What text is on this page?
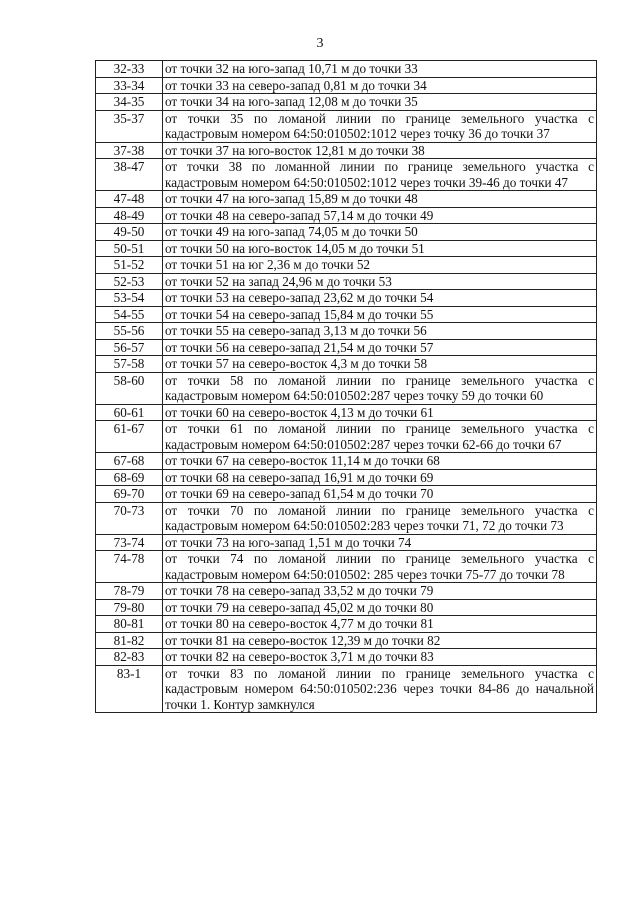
3
32-33	от точки 32 на юго-запад 10,71 м до точки 33
33-34	от точки 33 на северо-запад 0,81 м до точки 34
34-35	от точки 34 на юго-запад 12,08 м до точки 35
35-37	от точки 35 по ломаной линии по границе земельного участка с кадастровым номером 64:50:010502:1012 через точку 36 до точки 37
37-38	от точки 37 на юго-восток 12,81 м до точки 38
38-47	от точки 38 по ломанной линии по границе земельного участка с кадастровым номером 64:50:010502:1012 через точки 39-46 до точки 47
47-48	от точки 47 на юго-запад 15,89 м до точки 48
48-49	от точки 48 на северо-запад 57,14 м до точки 49
49-50	от точки 49 на юго-запад 74,05 м до точки 50
50-51	от точки 50 на юго-восток 14,05 м до точки 51
51-52	от точки 51 на юг 2,36 м до точки 52
52-53	от точки 52 на запад 24,96 м до точки 53
53-54	от точки 53 на северо-запад 23,62 м до точки 54
54-55	от точки 54 на северо-запад 15,84 м до точки 55
55-56	от точки 55 на северо-запад 3,13 м до точки 56
56-57	от точки 56 на северо-запад 21,54 м до точки 57
57-58	от точки 57 на северо-восток 4,3 м до точки 58
58-60	от точки 58 по ломаной линии по границе земельного участка с кадастровым номером 64:50:010502:287 через точку 59 до точки 60
60-61	от точки 60 на северо-восток 4,13 м до точки 61
61-67	от точки 61 по ломаной линии по границе земельного участка с кадастровым номером 64:50:010502:287 через точки 62-66 до точки 67
67-68	от точки 67 на северо-восток 11,14 м до точки 68
68-69	от точки 68 на северо-запад 16,91 м до точки 69
69-70	от точки 69 на северо-запад 61,54 м до точки 70
70-73	от точки 70 по ломаной линии по границе земельного участка с кадастровым номером 64:50:010502:283 через точки 71, 72 до точки 73
73-74	от точки 73 на юго-запад 1,51 м до точки 74
74-78	от точки 74 по ломаной линии по границе земельного участка с кадастровым номером 64:50:010502: 285 через точки 75-77 до точки 78
78-79	от точки 78 на северо-запад 33,52 м до точки 79
79-80	от точки 79 на северо-запад 45,02 м до точки 80
80-81	от точки 80 на северо-восток 4,77 м до точки 81
81-82	от точки 81 на северо-восток 12,39 м до точки 82
82-83	от точки 82 на северо-восток 3,71 м до точки 83
83-1	от точки 83 по ломаной линии по границе земельного участка с кадастровым номером 64:50:010502:236 через точки 84-86 до начальной точки 1. Контур замкнулся
